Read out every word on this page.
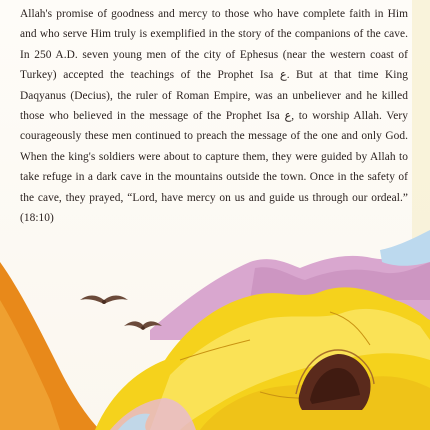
Allah's promise of goodness and mercy to those who have complete faith in Him and who serve Him truly is exemplified in the story of the companions of the cave. In 250 A.D. seven young men of the city of Ephesus (near the western coast of Turkey) accepted the teachings of the Prophet Isa ع. But at that time King Daqyanus (Decius), the ruler of Roman Empire, was an unbeliever and he killed those who believed in the message of the Prophet Isa ع, to worship Allah. Very courageously these men continued to preach the message of the one and only God. When the king's soldiers were about to capture them, they were guided by Allah to take refuge in a dark cave in the mountains outside the town. Once in the safety of the cave, they prayed, “Lord, have mercy on us and guide us through our ordeal.” (18:10)
